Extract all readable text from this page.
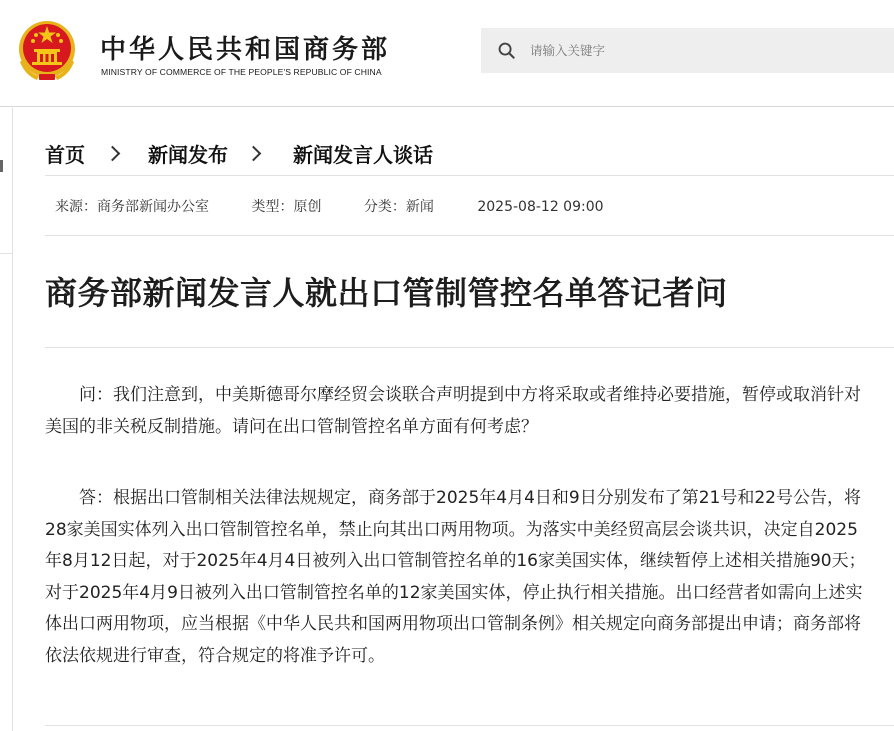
中华人民共和国商务部
MINISTRY OF COMMERCE OF THE PEOPLE'S REPUBLIC OF CHINA
请输入关键字
首页	新闻发布	新闻发言人谈话
来源：商务部新闻办公室	类型：原创	分类：新闻	2025-08-12 09:00
商务部新闻发言人就出口管制管控名单答记者问

问：我们注意到，中美斯德哥尔摩经贸会谈联合声明提到中方将采取或者维持必要措施，暂停或取消针对美国的非关税反制措施。请问在出口管制管控名单方面有何考虑？

答：根据出口管制相关法律法规规定，商务部于2025年4月4日和9日分别发布了第21号和22号公告，将28家美国实体列入出口管制管控名单，禁止向其出口两用物项。为落实中美经贸高层会谈共识，决定自2025年8月12日起，对于2025年4月4日被列入出口管制管控名单的16家美国实体，继续暂停上述相关措施90天；对于2025年4月9日被列入出口管制管控名单的12家美国实体，停止执行相关措施。出口经营者如需向上述实体出口两用物项，应当根据《中华人民共和国两用物项出口管制条例》相关规定向商务部提出申请；商务部将依法依规进行审查，符合规定的将准予许可。
